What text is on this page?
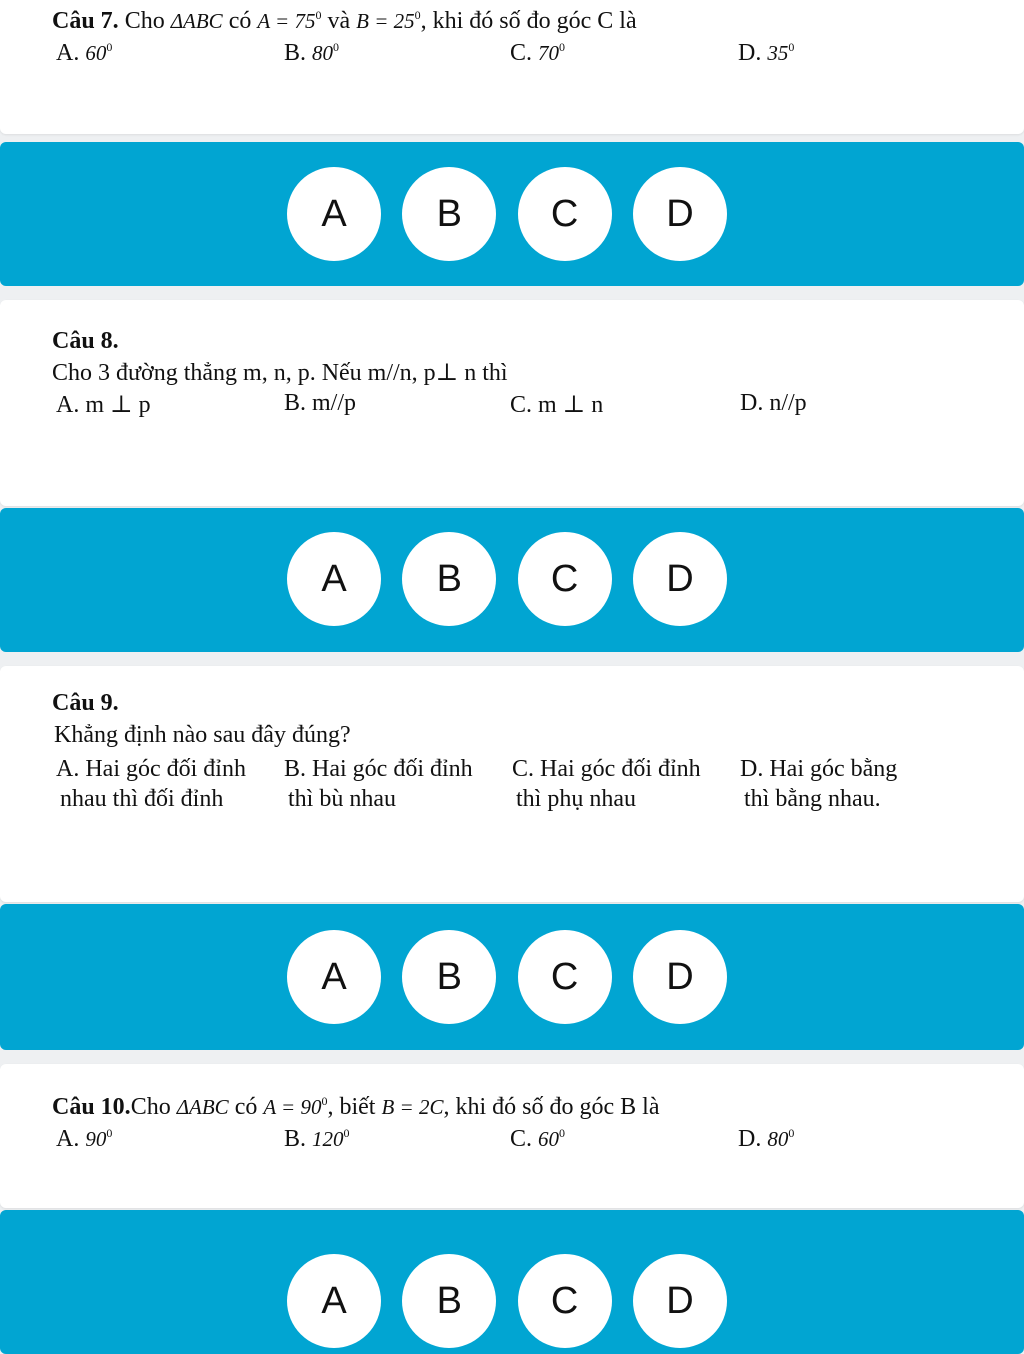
Câu 7. Cho ΔABC có $A = 75^0$ và $B = 25^0$, khi đó số đo góc C là
A. $60^0$	B. $80^0$	C. $70^0$	D. $35^0$
A	B	C	D
Câu 8.
Cho 3 đường thẳng m, n, p. Nếu m//n, p⊥ n thì
A. m ⊥ p	B. m//p	C. m ⊥ n	D. n//p
A	B	C	D
Câu 9.
Khẳng định nào sau đây đúng?
A. Hai góc đối đỉnh
nhau thì đối đỉnh
B. Hai góc đối đỉnh
thì bù nhau
C. Hai góc đối đỉnh
thì phụ nhau
D. Hai góc bằng
thì bằng nhau.
A	B	C	D
Câu 10.Cho ΔABC có $A = 90^0$, biết B = 2C, khi đó số đo góc B là
A. $90^0$	B. $120^0$	C. $60^0$	D. $80^0$
A	B	C	D
